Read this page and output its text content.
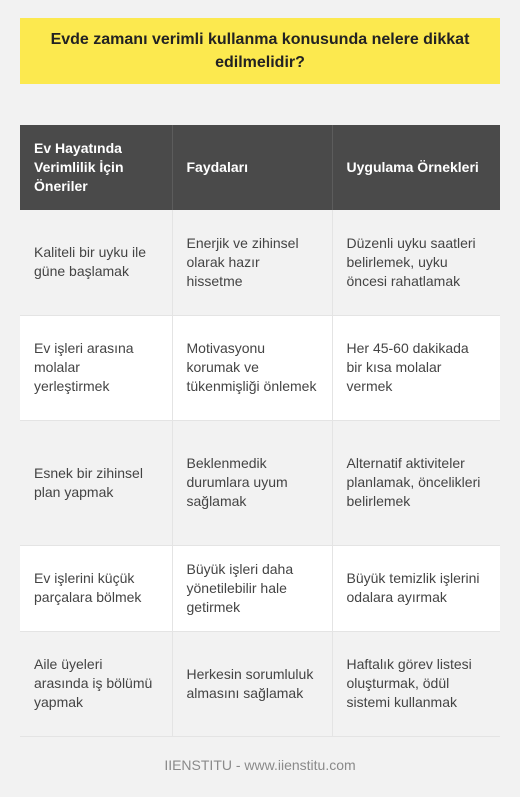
Evde zamanı verimli kullanma konusunda nelere dikkat edilmelidir?
Ev Hayatında Verimlilik İçin Öneriler	Faydaları	Uygulama Örnekleri
Kaliteli bir uyku ile güne başlamak	Enerjik ve zihinsel olarak hazır hissetme	Düzenli uyku saatleri belirlemek, uyku öncesi rahatlamak
Ev işleri arasına molalar yerleştirmek	Motivasyonu korumak ve tükenmişliği önlemek	Her 45-60 dakikada bir kısa molalar vermek
Esnek bir zihinsel plan yapmak	Beklenmedik durumlara uyum sağlamak	Alternatif aktiviteler planlamak, öncelikleri belirlemek
Ev işlerini küçük parçalara bölmek	Büyük işleri daha yönetilebilir hale getirmek	Büyük temizlik işlerini odalara ayırmak
Aile üyeleri arasında iş bölümü yapmak	Herkesin sorumluluk almasını sağlamak	Haftalık görev listesi oluşturmak, ödül sistemi kullanmak
IIENSTITU - www.iienstitu.com
